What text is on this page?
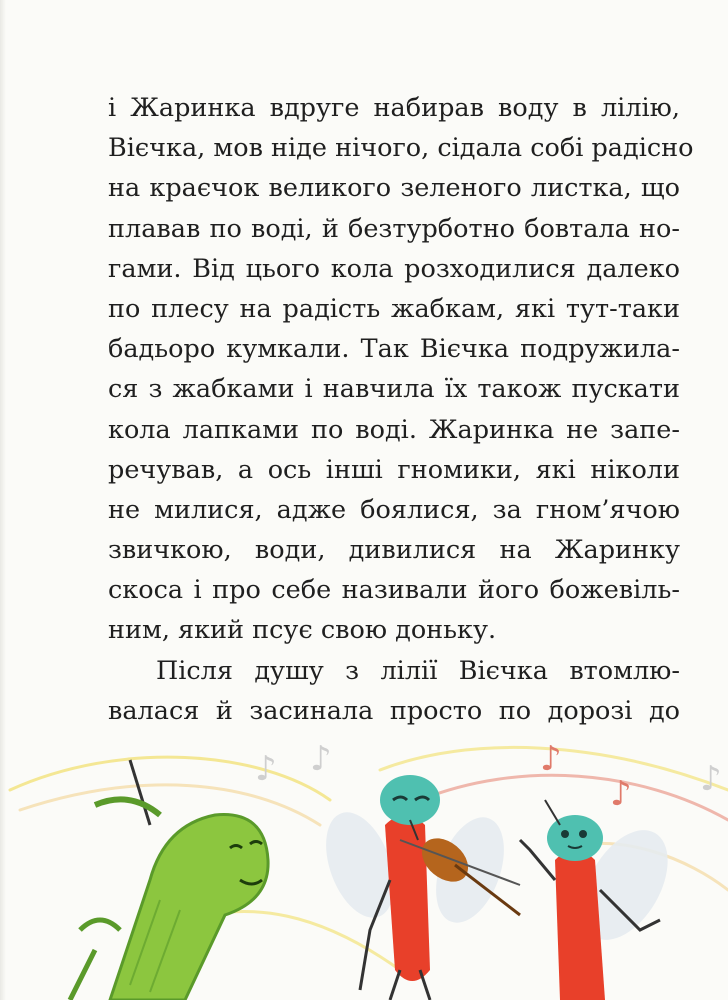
і Жаринка вдруге набирав воду в лілію,
Вієчка, мов ніде нічого, сідала собі радісно
на краєчок великого зеленого листка, що
плавав по воді, й безтурботно бовтала но-
гами. Від цього кола розходилися далеко
по плесу на радість жабкам, які тут-таки
бадьоро кумкали. Так Вієчка подружила-
ся з жабками і навчила їх також пускати
кола лапками по воді. Жаринка не запе-
речував, а ось інші гномики, які ніколи
не милися, адже боялися, за гном’ячою
звичкою, води, дивилися на Жаринку
скоса і про себе називали його божевіль-
ним, який псує свою доньку.
Після душу з лілії Вієчка втомлю-
валася й засинала просто по дорозі до
♪ ♪
♪
♪	♪
